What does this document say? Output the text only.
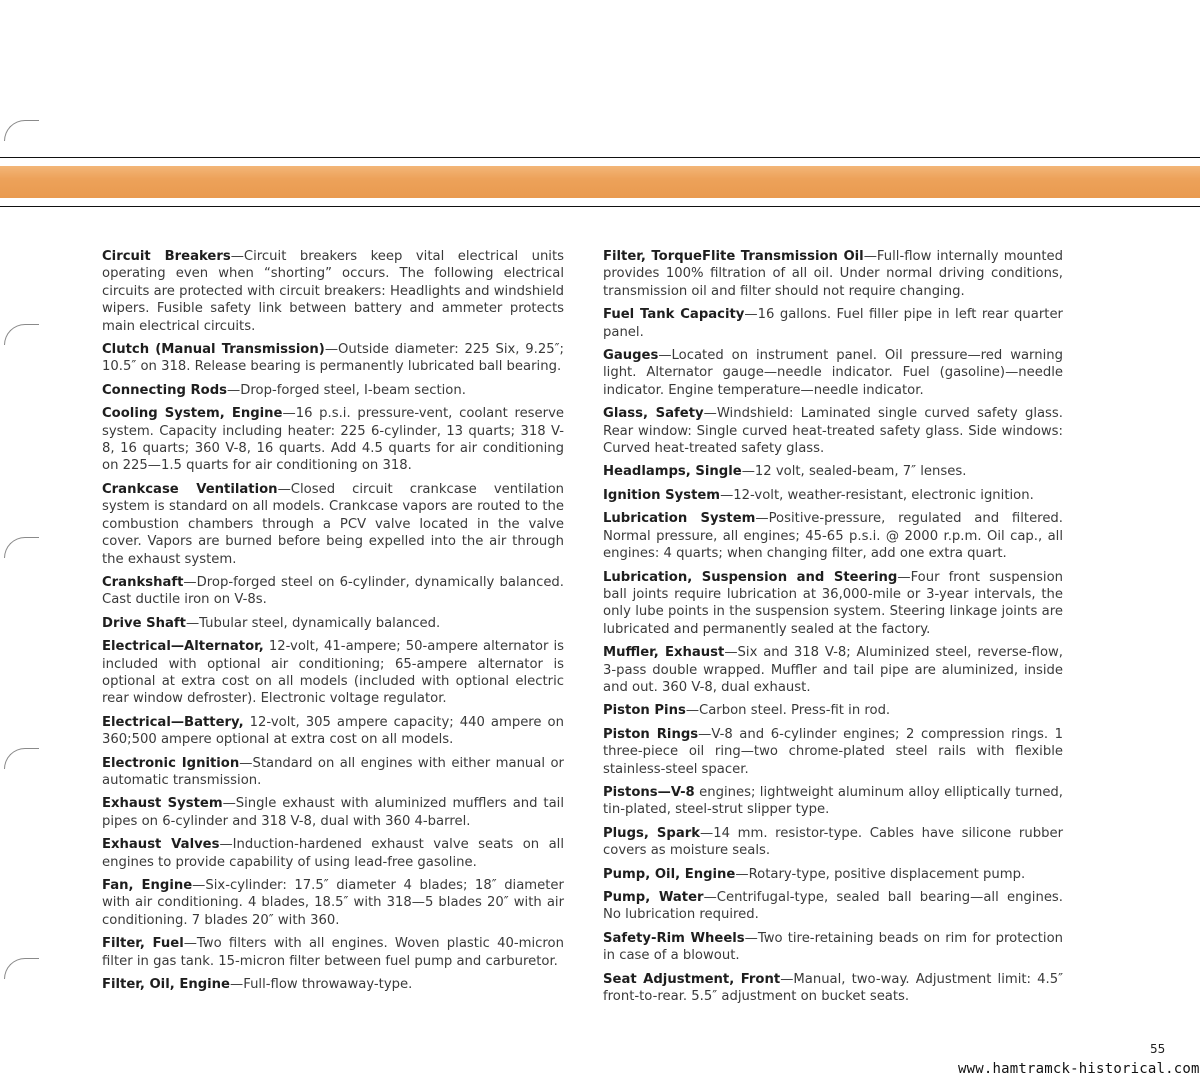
Circuit Breakers—Circuit breakers keep vital electrical units operating even when “shorting” occurs. The following electrical circuits are protected with circuit breakers: Headlights and windshield wipers. Fusible safety link between battery and ammeter protects main electrical circuits.

Clutch (Manual Transmission)—Outside diameter: 225 Six, 9.25″; 10.5″ on 318. Release bearing is permanently lubricated ball bearing.

Connecting Rods—Drop-forged steel, I-beam section.

Cooling System, Engine—16 p.s.i. pressure-vent, coolant reserve system. Capacity including heater: 225 6-cylinder, 13 quarts; 318 V-8, 16 quarts; 360 V-8, 16 quarts. Add 4.5 quarts for air conditioning on 225—1.5 quarts for air conditioning on 318.

Crankcase Ventilation—Closed circuit crankcase ventilation system is standard on all models. Crankcase vapors are routed to the combustion chambers through a PCV valve located in the valve cover. Vapors are burned before being expelled into the air through the exhaust system.

Crankshaft—Drop-forged steel on 6-cylinder, dynamically balanced. Cast ductile iron on V-8s.

Drive Shaft—Tubular steel, dynamically balanced.

Electrical—Alternator, 12-volt, 41-ampere; 50-ampere alternator is included with optional air conditioning; 65-ampere alternator is optional at extra cost on all models (included with optional electric rear window defroster). Electronic voltage regulator.

Electrical—Battery, 12-volt, 305 ampere capacity; 440 ampere on 360;500 ampere optional at extra cost on all models.

Electronic Ignition—Standard on all engines with either manual or automatic transmission.

Exhaust System—Single exhaust with aluminized mufflers and tail pipes on 6-cylinder and 318 V-8, dual with 360 4-barrel.

Exhaust Valves—Induction-hardened exhaust valve seats on all engines to provide capability of using lead-free gasoline.

Fan, Engine—Six-cylinder: 17.5″ diameter 4 blades; 18″ diameter with air conditioning. 4 blades, 18.5″ with 318—5 blades 20″ with air conditioning. 7 blades 20″ with 360.

Filter, Fuel—Two filters with all engines. Woven plastic 40-micron filter in gas tank. 15-micron filter between fuel pump and carburetor.

Filter, Oil, Engine—Full-flow throwaway-type.

Filter, TorqueFlite Transmission Oil—Full-flow internally mounted provides 100% filtration of all oil. Under normal driving conditions, transmission oil and filter should not require changing.

Fuel Tank Capacity—16 gallons. Fuel filler pipe in left rear quarter panel.

Gauges—Located on instrument panel. Oil pressure—red warning light. Alternator gauge—needle indicator. Fuel (gasoline)—needle indicator. Engine temperature—needle indicator.

Glass, Safety—Windshield: Laminated single curved safety glass. Rear window: Single curved heat-treated safety glass. Side windows: Curved heat-treated safety glass.

Headlamps, Single—12 volt, sealed-beam, 7″ lenses.

Ignition System—12-volt, weather-resistant, electronic ignition.

Lubrication System—Positive-pressure, regulated and filtered. Normal pressure, all engines; 45-65 p.s.i. @ 2000 r.p.m. Oil cap., all engines: 4 quarts; when changing filter, add one extra quart.

Lubrication, Suspension and Steering—Four front suspension ball joints require lubrication at 36,000-mile or 3-year intervals, the only lube points in the suspension system. Steering linkage joints are lubricated and permanently sealed at the factory.

Muffler, Exhaust—Six and 318 V-8; Aluminized steel, reverse-flow, 3-pass double wrapped. Muffler and tail pipe are aluminized, inside and out. 360 V-8, dual exhaust.

Piston Pins—Carbon steel. Press-fit in rod.

Piston Rings—V-8 and 6-cylinder engines; 2 compression rings. 1 three-piece oil ring—two chrome-plated steel rails with flexible stainless-steel spacer.

Pistons—V-8 engines; lightweight aluminum alloy elliptically turned, tin-plated, steel-strut slipper type.

Plugs, Spark—14 mm. resistor-type. Cables have silicone rubber covers as moisture seals.

Pump, Oil, Engine—Rotary-type, positive displacement pump.

Pump, Water—Centrifugal-type, sealed ball bearing—all engines. No lubrication required.

Safety-Rim Wheels—Two tire-retaining beads on rim for protection in case of a blowout.

Seat Adjustment, Front—Manual, two-way. Adjustment limit: 4.5″ front-to-rear. 5.5″ adjustment on bucket seats.

55
www.hamtramck-historical.com
